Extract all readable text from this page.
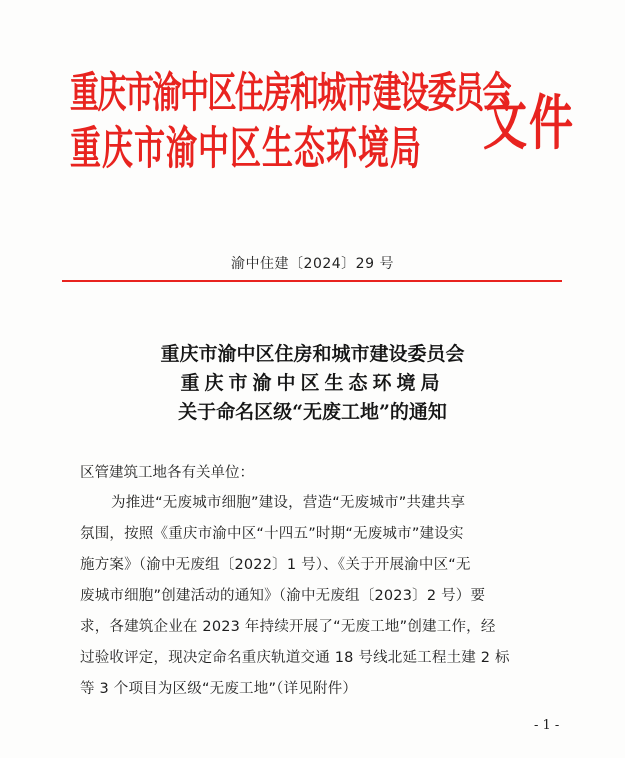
重庆市渝中区住房和城市建设委员会
重庆市渝中区生态环境局	文件
渝中住建〔2024〕29 号
重庆市渝中区住房和城市建设委员会
重庆市渝中区生态环境局
关于命名区级“无废工地”的通知
区管建筑工地各有关单位：
为推进“无废城市细胞”建设，营造“无废城市”共建共享
氛围，按照《重庆市渝中区“十四五”时期“无废城市”建设实
施方案》（渝中无废组〔2022〕1 号）、《关于开展渝中区“无
废城市细胞”创建活动的通知》（渝中无废组〔2023〕2 号）要
求，各建筑企业在 2023 年持续开展了“无废工地”创建工作，经
过验收评定，现决定命名重庆轨道交通 18 号线北延工程土建 2 标
等 3 个项目为区级“无废工地”（详见附件）
- 1 -
